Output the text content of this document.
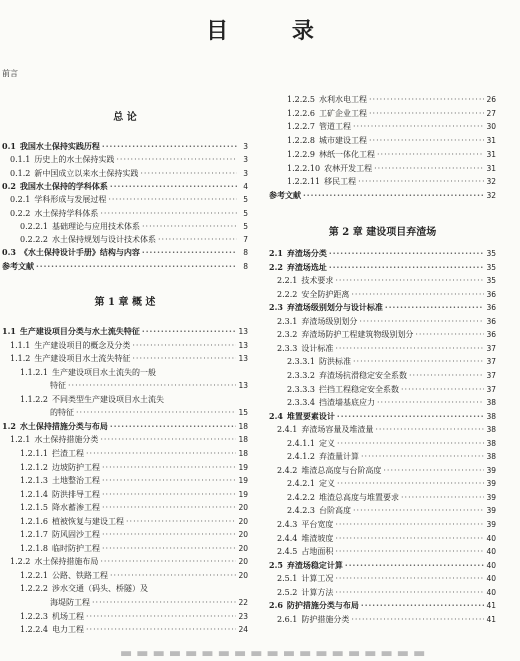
目 录
前言
总 论
0.1 我国水土保持实践历程 ·····	3
0.1.1 历史上的水土保持实践 ·····	3
0.1.2 新中国成立以来水土保持实践 ·····	3
0.2 我国水土保持的学科体系 ·····	4
0.2.1 学科形成与发展过程 ·····	5
0.2.2 水土保持学科体系 ·····	5
0.2.2.1 基础理论与应用技术体系 ·····	5
0.2.2.2 水土保持规划与设计技术体系 ·····	7
0.3 《水土保持设计手册》结构与内容 ·····	8
参考文献 ·····	8
第 1 章 概 述
1.1 生产建设项目分类与水土流失特征 ·····	13
1.1.1 生产建设项目的概念及分类 ·····	13
1.1.2 生产建设项目水土流失特征 ·····	13
1.1.2.1 生产建设项目水土流失的一般
特征 ·····	13
1.1.2.2 不同类型生产建设项目水土流失
的特征 ·····	15
1.2 水土保持措施分类与布局 ·····	18
1.2.1 水土保持措施分类 ·····	18
1.2.1.1 拦渣工程 ·····	18
1.2.1.2 边坡防护工程 ·····	19
1.2.1.3 土地整治工程 ·····	19
1.2.1.4 防洪排导工程 ·····	19
1.2.1.5 降水蓄渗工程 ·····	20
1.2.1.6 植被恢复与建设工程 ·····	20
1.2.1.7 防风固沙工程 ·····	20
1.2.1.8 临时防护工程 ·····	20
1.2.2 水土保持措施布局 ·····	20
1.2.2.1 公路、铁路工程 ·····	20
1.2.2.2 涉水交通（码头、桥隧）及
海堤防工程 ·····	22
1.2.2.3 机场工程 ·····	23
1.2.2.4 电力工程 ·····	24
1.2.2.5 水利水电工程 ·····	26
1.2.2.6 工矿企业工程 ·····	27
1.2.2.7 管道工程 ·····	30
1.2.2.8 城市建设工程 ·····	31
1.2.2.9 林纸一体化工程 ·····	31
1.2.2.10 农林开发工程 ·····	31
1.2.2.11 移民工程 ·····	32
参考文献 ·····	32
第 2 章 建设项目弃渣场
2.1 弃渣场分类 ·····	35
2.2 弃渣场选址 ·····	35
2.2.1 技术要求 ·····	35
2.2.2 安全防护距离 ·····	36
2.3 弃渣场级别划分与设计标准 ·····	36
2.3.1 弃渣场级别划分 ·····	36
2.3.2 弃渣场防护工程建筑物级别划分 ·····	36
2.3.3 设计标准 ·····	37
2.3.3.1 防洪标准 ·····	37
2.3.3.2 弃渣场抗滑稳定安全系数 ·····	37
2.3.3.3 拦挡工程稳定安全系数 ·····	37
2.3.3.4 挡渣墙基底应力 ·····	38
2.4 堆置要素设计 ·····	38
2.4.1 弃渣场容量及堆渣量 ·····	38
2.4.1.1 定义 ·····	38
2.4.1.2 弃渣量计算 ·····	38
2.4.2 堆渣总高度与台阶高度 ·····	39
2.4.2.1 定义 ·····	39
2.4.2.2 堆渣总高度与堆置要求 ·····	39
2.4.2.3 台阶高度 ·····	39
2.4.3 平台宽度 ·····	39
2.4.4 堆渣坡度 ·····	40
2.4.5 占地面积 ·····	40
2.5 弃渣场稳定计算 ·····	40
2.5.1 计算工况 ·····	40
2.5.2 计算方法 ·····	40
2.6 防护措施分类与布局 ·····	41
2.6.1 防护措施分类 ·····	41
▬▬▬▬▬▬▬▬▬▬▬▬▬▬▬▬▬▬▬
